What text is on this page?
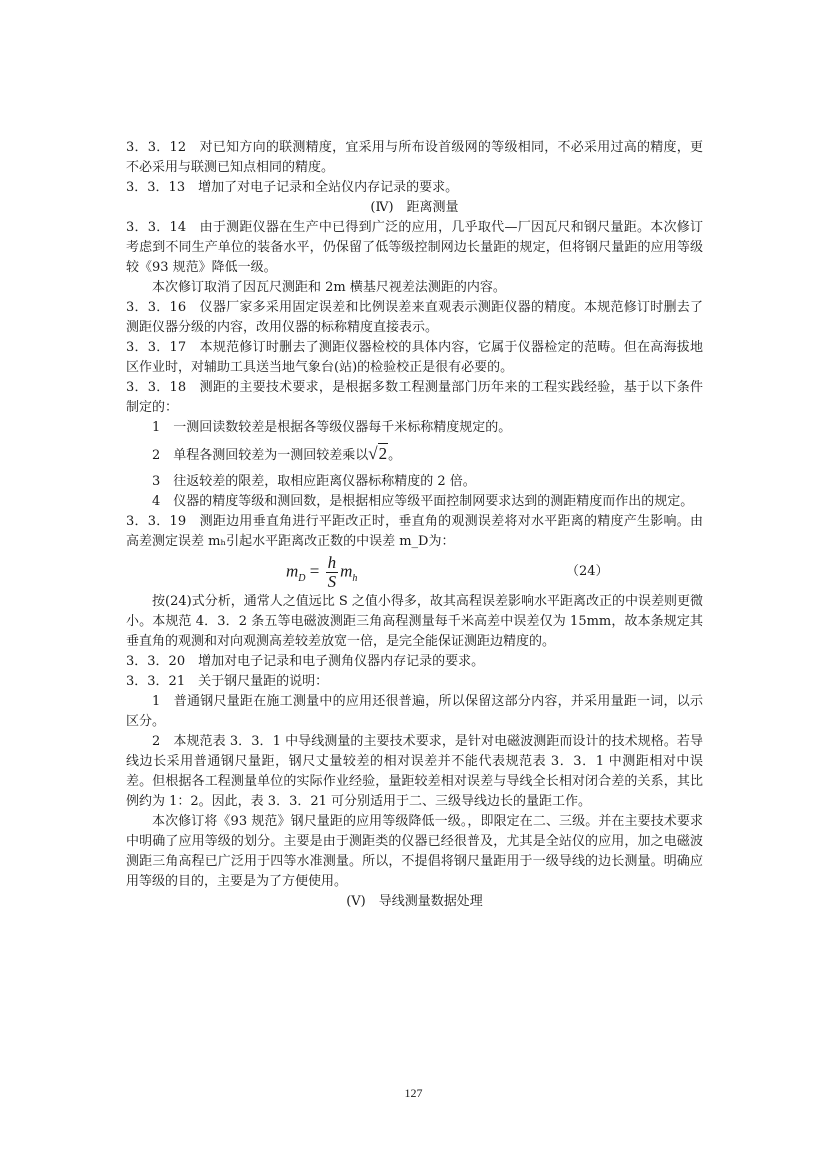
3．3．12　对已知方向的联测精度，宜采用与所布设首级网的等级相同，不必采用过高的精度，更不必采用与联测已知点相同的精度。

3．3．13　增加了对电子记录和全站仪内存记录的要求。

(Ⅳ)　距离测量

3．3．14　由于测距仪器在生产中已得到广泛的应用，几乎取代—厂因瓦尺和钢尺量距。本次修订考虑到不同生产单位的装备水平，仍保留了低等级控制网边长量距的规定，但将钢尺量距的应用等级较《93 规范》降低一级。

本次修订取消了因瓦尺测距和 2m 横基尺视差法测距的内容。

3．3．16　仪器厂家多采用固定误差和比例误差来直观表示测距仪器的精度。本规范修订时删去了测距仪器分级的内容，改用仪器的标称精度直接表示。

3．3．17　本规范修订时删去了测距仪器检校的具体内容，它属于仪器检定的范畴。但在高海拔地区作业时，对辅助工具送当地气象台(站)的检验校正是很有必要的。

3．3．18　测距的主要技术要求，是根据多数工程测量部门历年来的工程实践经验，基于以下条件制定的：

1　一测回读数较差是根据各等级仪器每千米标称精度规定的。

2　单程各测回较差为一测回较差乘以√2。

3　往返较差的限差，取相应距离仪器标称精度的 2 倍。

4　仪器的精度等级和测回数，是根据相应等级平面控制网要求达到的测距精度而作出的规定。

3．3．19　测距边用垂直角进行平距改正时，垂直角的观测误差将对水平距离的精度产生影响。由高差测定误差 mₕ引起水平距离改正数的中误差 m_D为：

$m_D = \frac{h}{S} m_h$	（24）

按(24)式分析，通常人之值远比 S 之值小得多，故其高程误差影响水平距离改正的中误差则更微小。本规范 4．3．2 条五等电磁波测距三角高程测量每千米高差中误差仅为 15mm，故本条规定其垂直角的观测和对向观测高差较差放宽一倍，是完全能保证测距边精度的。

3．3．20　增加对电子记录和电子测角仪器内存记录的要求。

3．3．21　关于钢尺量距的说明：

1　普通钢尺量距在施工测量中的应用还很普遍，所以保留这部分内容，并采用量距一词，以示区分。

2　本规范表 3．3．1 中导线测量的主要技术要求，是针对电磁波测距而设计的技术规格。若导线边长采用普通钢尺量距，钢尺丈量较差的相对误差并不能代表规范表 3．3．1 中测距相对中误差。但根据各工程测量单位的实际作业经验，量距较差相对误差与导线全长相对闭合差的关系，其比例约为 1：2。因此，表 3．3．21 可分别适用于二、三级导线边长的量距工作。

本次修订将《93 规范》钢尺量距的应用等级降低一级。，即限定在二、三级。并在主要技术要求中明确了应用等级的划分。主要是由于测距类的仪器已经很普及，尤其是全站仪的应用，加之电磁波测距三角高程已广泛用于四等水准测量。所以，不提倡将钢尺量距用于一级导线的边长测量。明确应用等级的目的，主要是为了方便使用。

(Ⅴ)　导线测量数据处理

127
